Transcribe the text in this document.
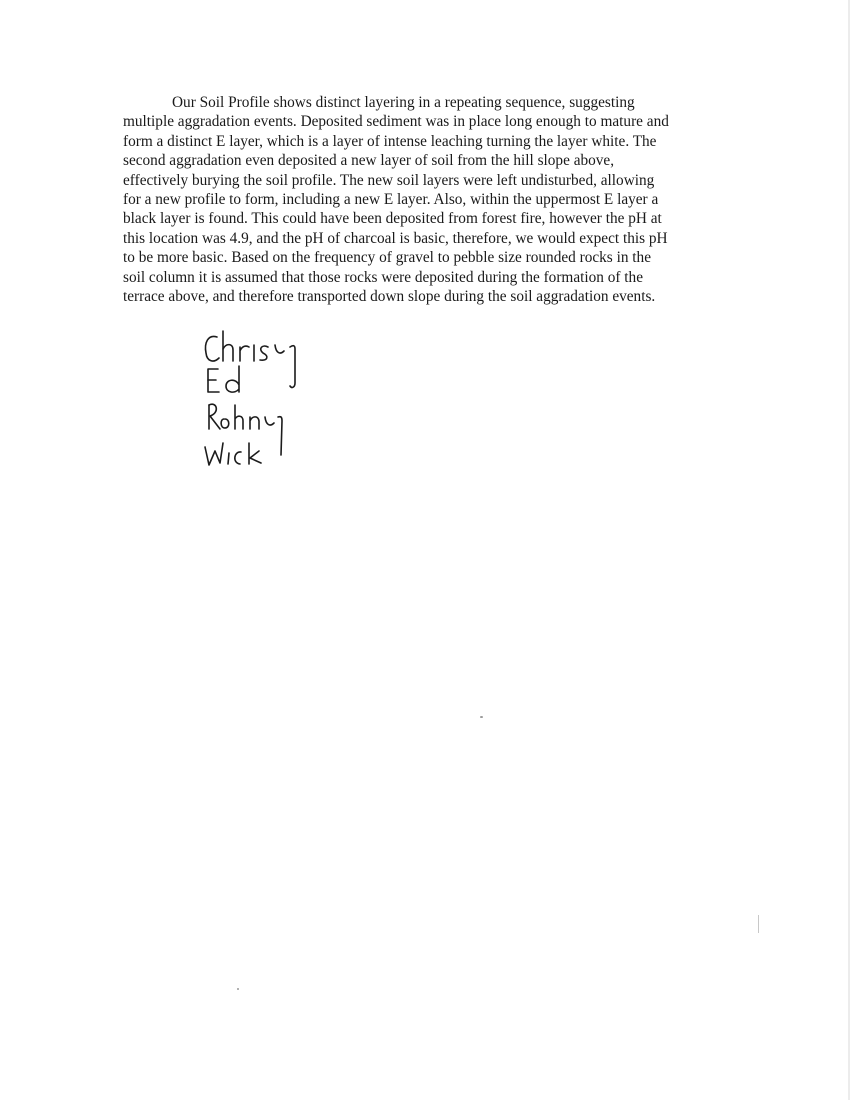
Our Soil Profile shows distinct layering in a repeating sequence, suggesting
multiple aggradation events. Deposited sediment was in place long enough to mature and
form a distinct E layer, which is a layer of intense leaching turning the layer white. The
second aggradation even deposited a new layer of soil from the hill slope above,
effectively burying the soil profile. The new soil layers were left undisturbed, allowing
for a new profile to form, including a new E layer. Also, within the uppermost E layer a
black layer is found. This could have been deposited from forest fire, however the pH at
this location was 4.9, and the pH of charcoal is basic, therefore, we would expect this pH
to be more basic. Based on the frequency of gravel to pebble size rounded rocks in the
soil column it is assumed that those rocks were deposited during the formation of the
terrace above, and therefore transported down slope during the soil aggradation events.
